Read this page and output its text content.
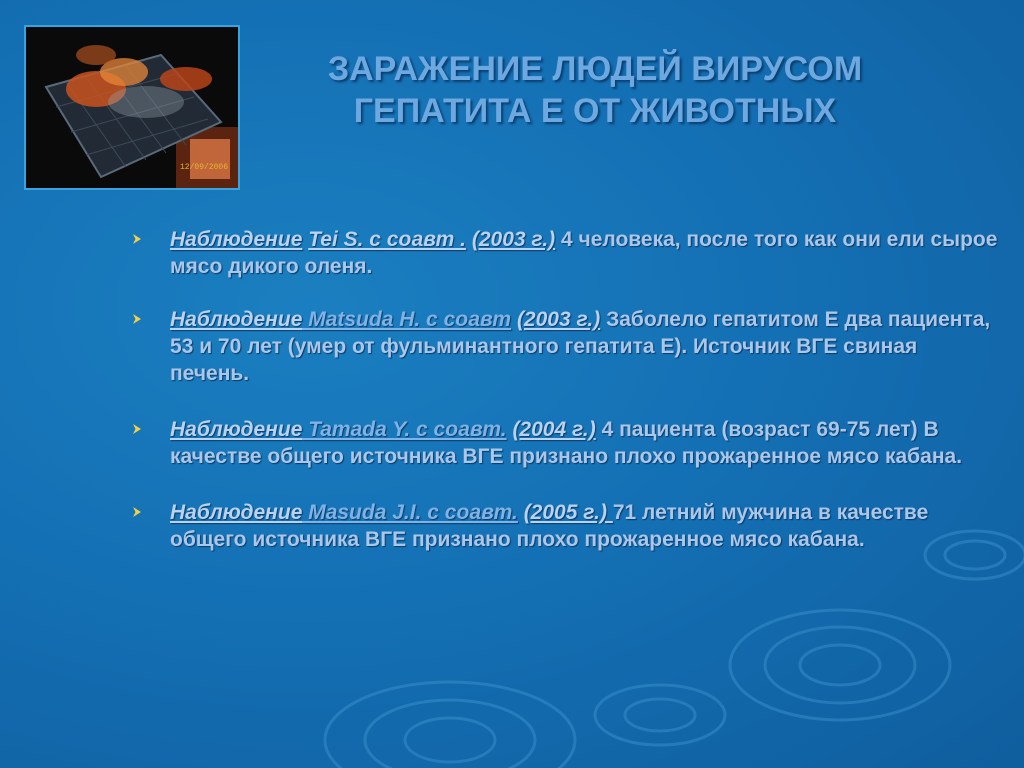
12/09/2006
ЗАРАЖЕНИЕ ЛЮДЕЙ ВИРУСОМ
ГЕПАТИТА Е ОТ ЖИВОТНЫХ
Наблюдение Tei S. с соавт . (2003 г.) 4 человека, после того как они ели сырое мясо дикого оленя.
Наблюдение Matsuda H. с соавт (2003 г.) Заболело гепатитом Е два пациента, 53 и 70 лет (умер от фульминантного гепатита Е). Источник ВГЕ свиная печень.
Наблюдение Tamada Y. с соавт. (2004 г.) 4 пациента (возраст 69-75 лет) В качестве общего источника ВГЕ признано плохо прожаренное мясо кабана.
Наблюдение Masuda J.I. с соавт. (2005 г.) 71 летний мужчина в качестве общего источника ВГЕ признано плохо прожаренное мясо кабана.
